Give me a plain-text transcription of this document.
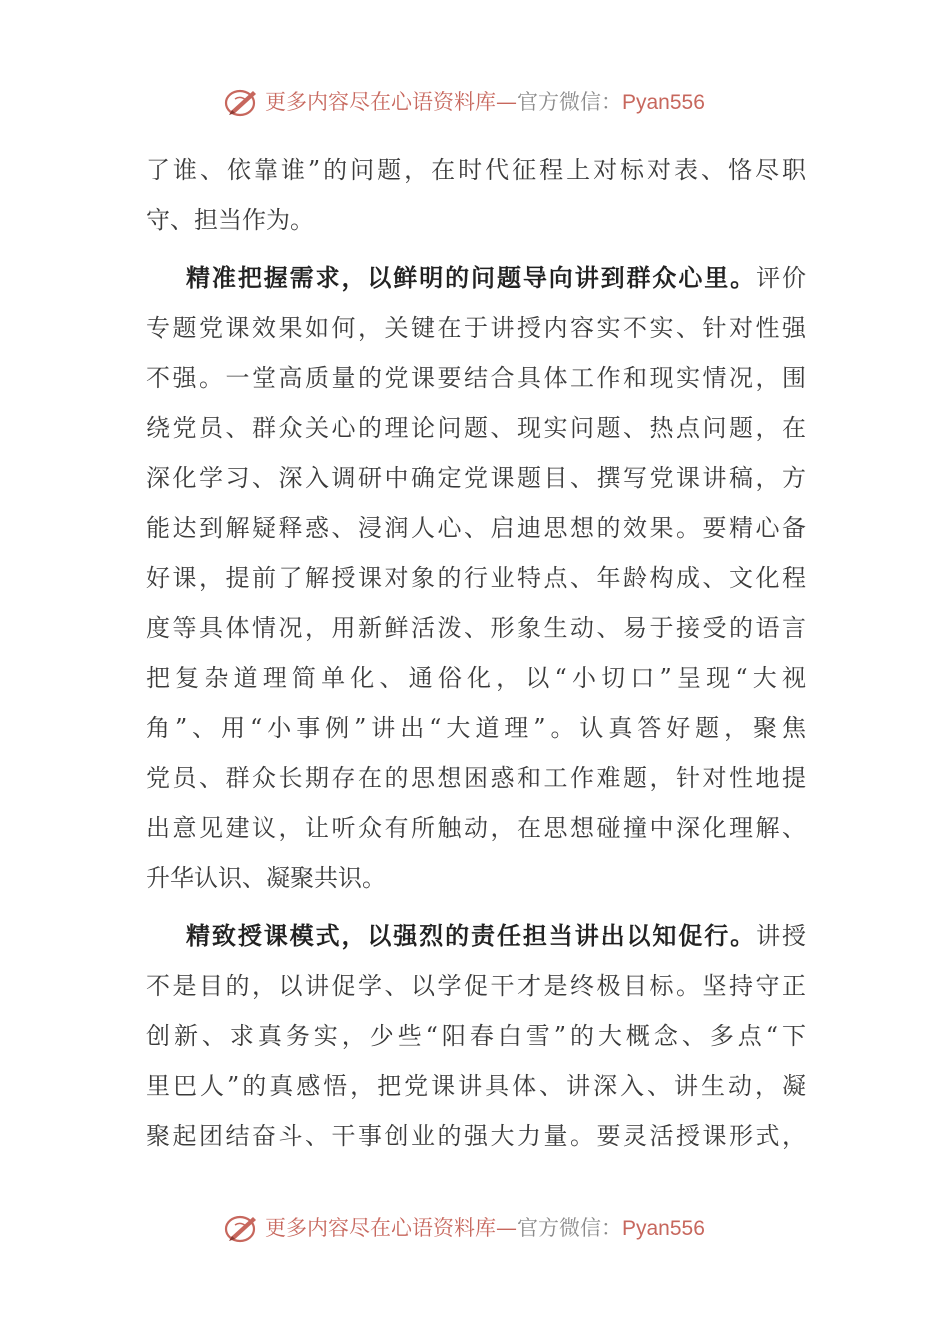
更多内容尽在心语资料库—官方微信：Pyan556
了谁、依靠谁”的问题，在时代征程上对标对表、恪尽职
守、担当作为。
精准把握需求，以鲜明的问题导向讲到群众心里。评价
专题党课效果如何，关键在于讲授内容实不实、针对性强
不强。一堂高质量的党课要结合具体工作和现实情况，围
绕党员、群众关心的理论问题、现实问题、热点问题，在
深化学习、深入调研中确定党课题目、撰写党课讲稿，方
能达到解疑释惑、浸润人心、启迪思想的效果。要精心备
好课，提前了解授课对象的行业特点、年龄构成、文化程
度等具体情况，用新鲜活泼、形象生动、易于接受的语言
把复杂道理简单化、通俗化，以“小切口”呈现“大视
角”、用“小事例”讲出“大道理”。认真答好题，聚焦
党员、群众长期存在的思想困惑和工作难题，针对性地提
出意见建议，让听众有所触动，在思想碰撞中深化理解、
升华认识、凝聚共识。
精致授课模式，以强烈的责任担当讲出以知促行。讲授
不是目的，以讲促学、以学促干才是终极目标。坚持守正
创新、求真务实，少些“阳春白雪”的大概念、多点“下
里巴人”的真感悟，把党课讲具体、讲深入、讲生动，凝
聚起团结奋斗、干事创业的强大力量。要灵活授课形式，
更多内容尽在心语资料库—官方微信：Pyan556
